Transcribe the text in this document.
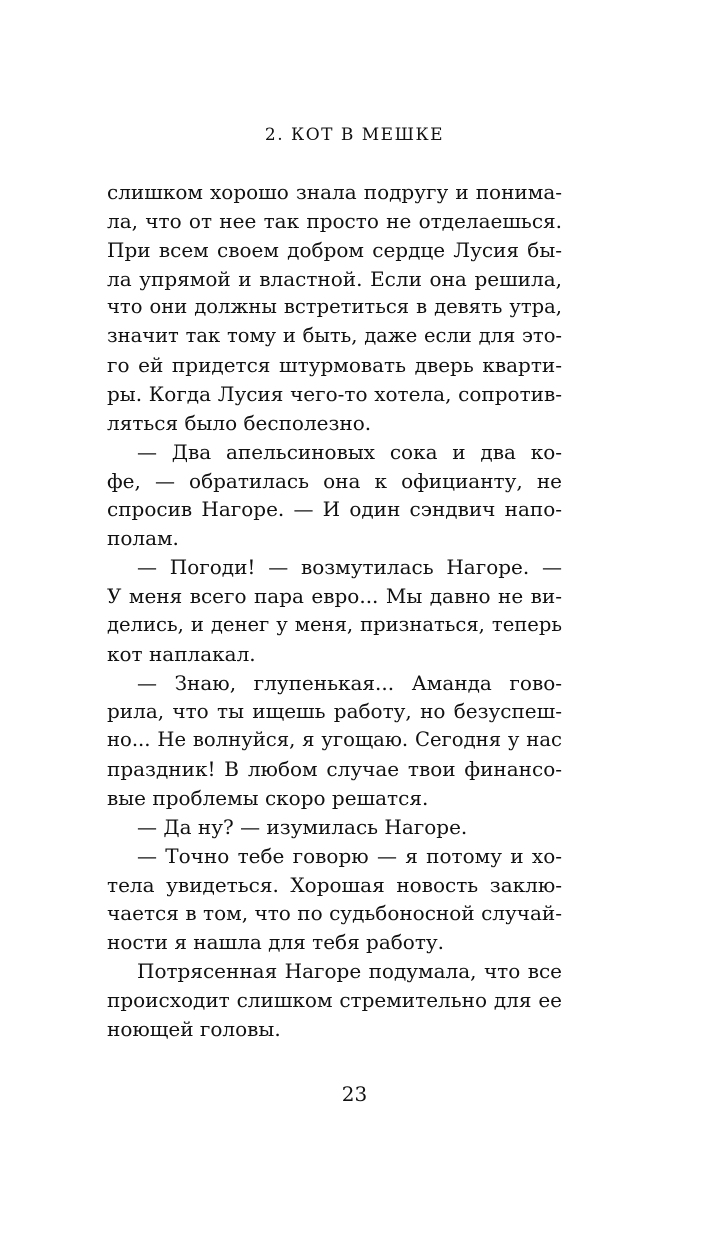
2. КОТ В МЕШКЕ
слишком хорошо знала подругу и понима-
ла, что от нее так просто не отделаешься.
При всем своем добром сердце Лусия бы-
ла упрямой и властной. Если она решила,
что они должны встретиться в девять утра,
значит так тому и быть, даже если для это-
го ей придется штурмовать дверь кварти-
ры. Когда Лусия чего-то хотела, сопротив-
ляться было бесполезно.
— Два апельсиновых сока и два ко-
фе, — обратилась она к официанту, не
спросив Нагоре. — И один сэндвич напо-
полам.
— Погоди! — возмутилась Нагоре. —
У меня всего пара евро... Мы давно не ви-
делись, и денег у меня, признаться, теперь
кот наплакал.
— Знаю, глупенькая... Аманда гово-
рила, что ты ищешь работу, но безуспеш-
но... Не волнуйся, я угощаю. Сегодня у нас
праздник! В любом случае твои финансо-
вые проблемы скоро решатся.
— Да ну? — изумилась Нагоре.
— Точно тебе говорю — я потому и хо-
тела увидеться. Хорошая новость заклю-
чается в том, что по судьбоносной случай-
ности я нашла для тебя работу.
Потрясенная Нагоре подумала, что все
происходит слишком стремительно для ее
ноющей головы.
23
